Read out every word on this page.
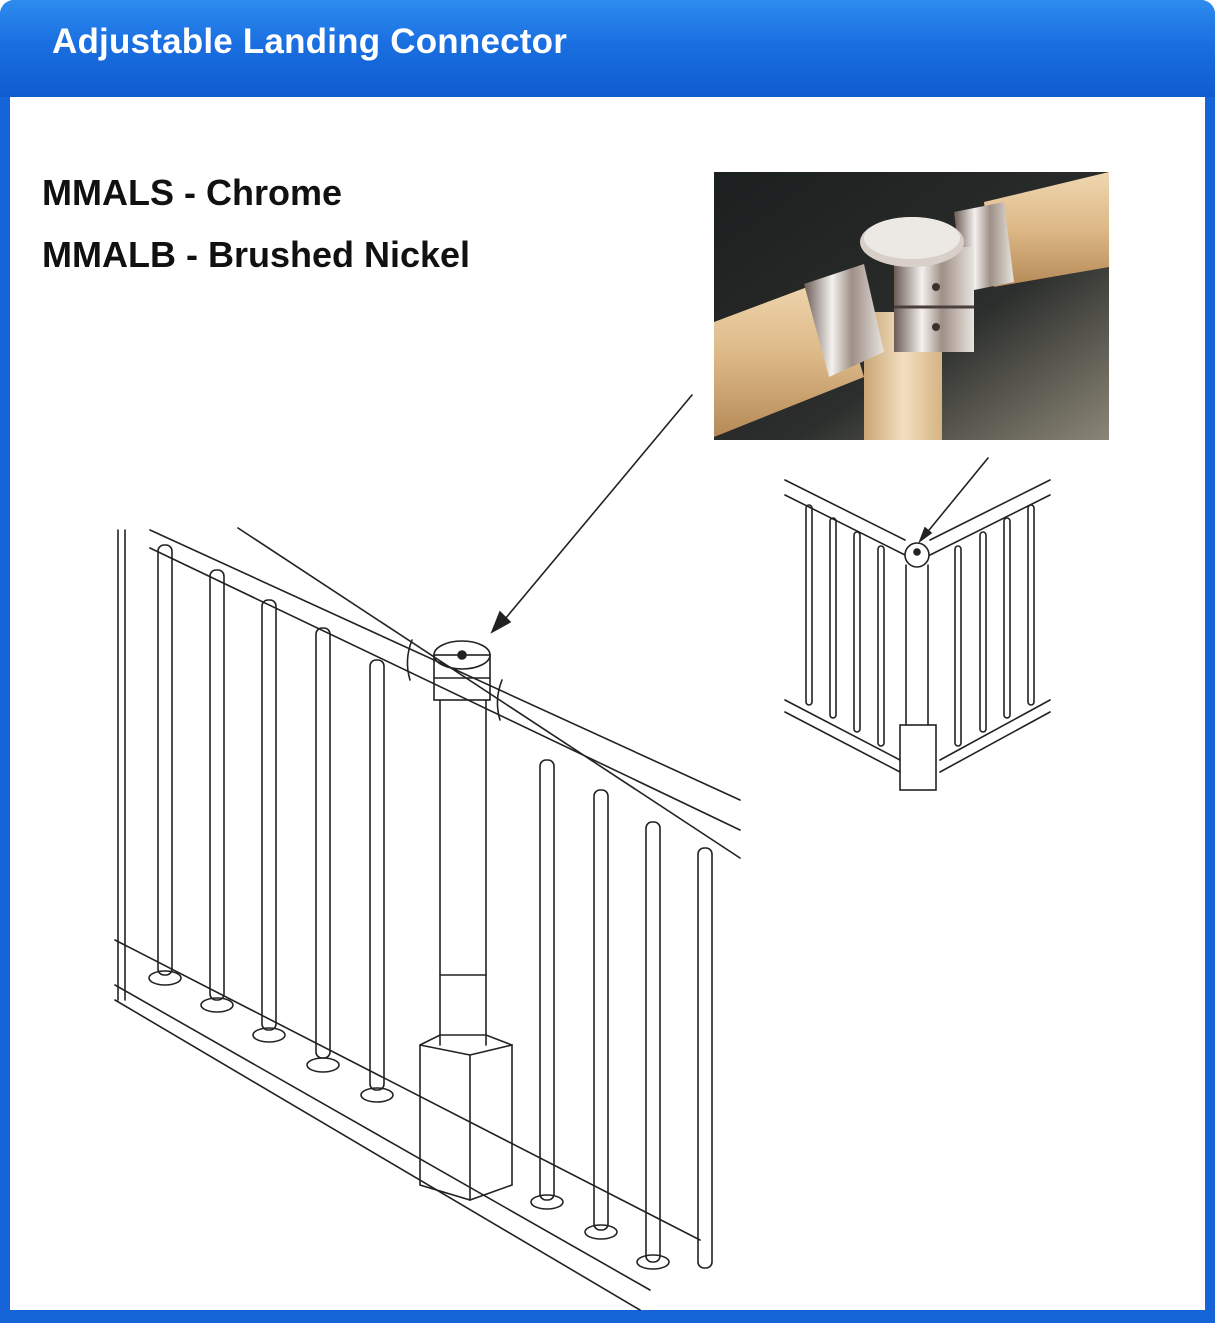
Adjustable Landing Connector
MMALS - Chrome
MMALB - Brushed Nickel
